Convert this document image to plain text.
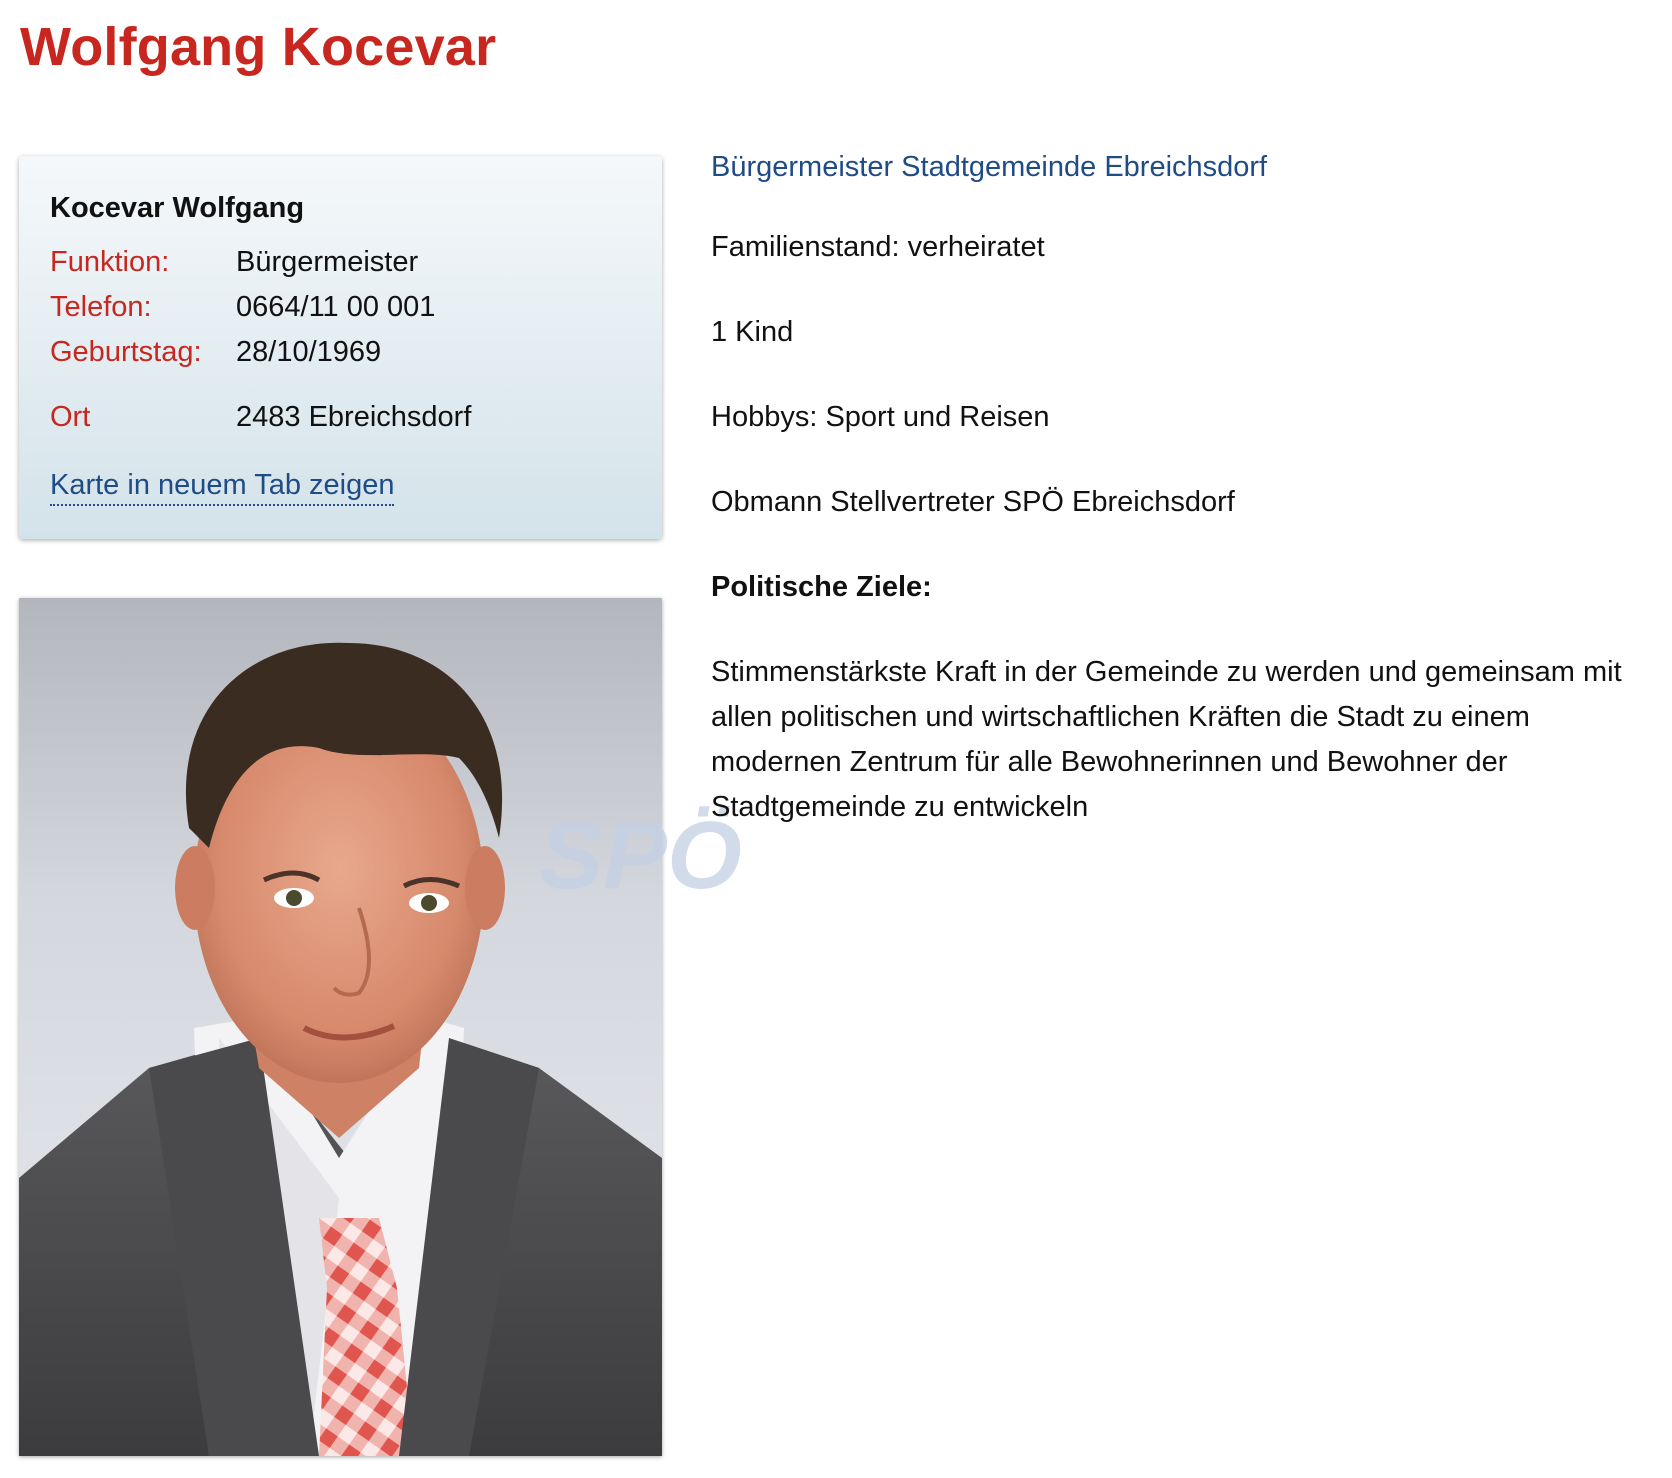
Wolfgang Kocevar
Kocevar Wolfgang
Funktion: Bürgermeister
Telefon:	0664/11 00 001
Geburtstag: 28/10/1969
Ort	2483 Ebreichsdorf
Karte in neuem Tab zeigen
SPÖ

Bürgermeister Stadtgemeinde Ebreichsdorf

Familienstand: verheiratet

1 Kind

Hobbys: Sport und Reisen

Obmann Stellvertreter SPÖ Ebreichsdorf

Politische Ziele:

Stimmenstärkste Kraft in der Gemeinde zu werden und gemeinsam mit allen politischen und wirtschaftlichen Kräften die Stadt zu einem modernen Zentrum für alle Bewohnerinnen und Bewohner der Stadtgemeinde zu entwickeln
